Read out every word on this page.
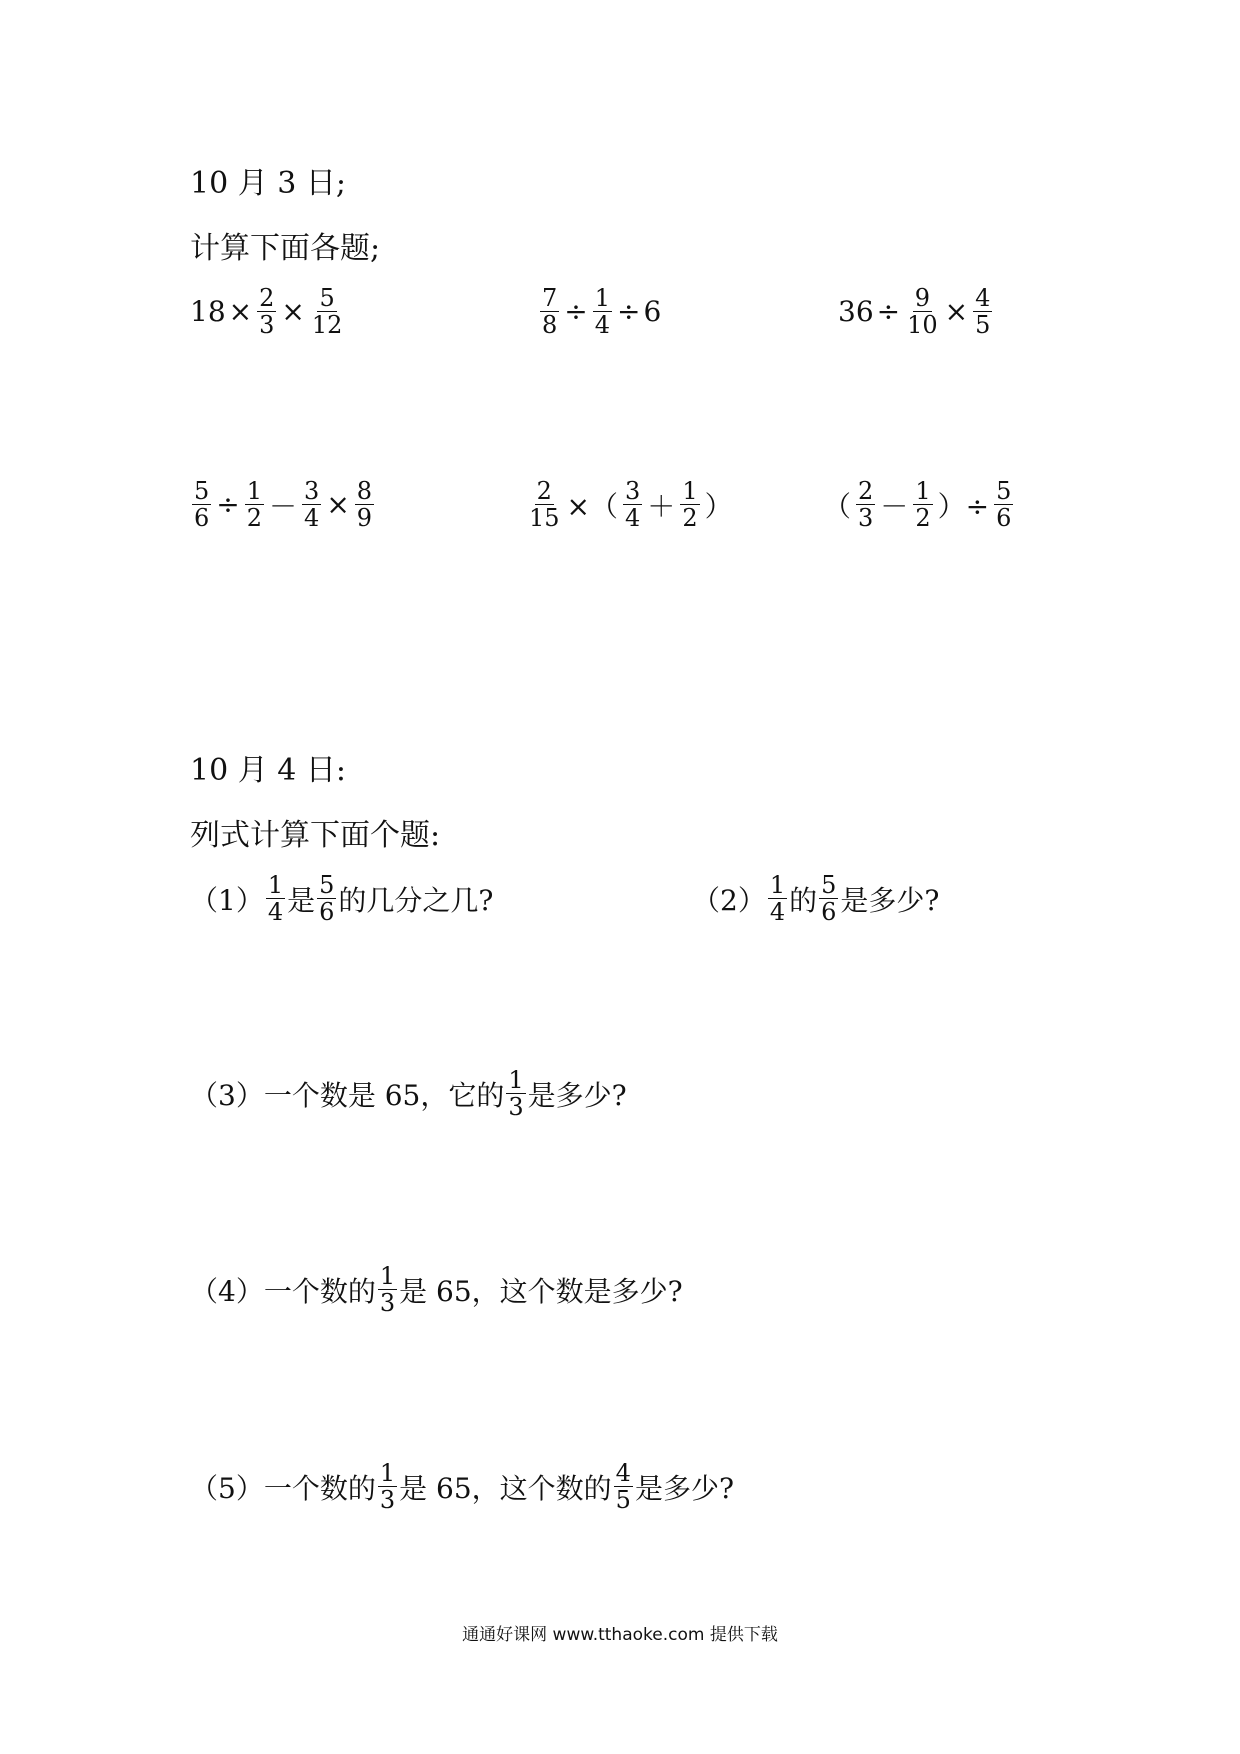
10 月 3 日;
计算下面各题;
$18 \times \frac{2}{3} \times \frac{5}{12}$	$\frac{7}{8} \div \frac{1}{4} \div 6$	$36 \div \frac{9}{10} \times \frac{4}{5}$
$\frac{5}{6} \div \frac{1}{2} - \frac{3}{4} \times \frac{8}{9}$	$\frac{2}{15}$ ×（ $\frac{3}{4} + \frac{1}{2}$ ）	（ $\frac{2}{3} - \frac{1}{2}$ ）÷ $\frac{5}{6}$
10 月 4 日:
列式计算下面个题:
$(1) \frac{1}{4}$ 是 $\frac{5}{6}$ 的几分之几?	$(2) \frac{1}{4}$ 的 $\frac{5}{6}$ 是多少?
（3） 一个数是 65，它的 $\frac{1}{3}$ 是多少?
（4） 一个数的 $\frac{1}{3}$ 是 65，这个数是多少?
（5） 一个数的 $\frac{1}{3}$ 是 65，这个数的 $\frac{4}{5}$ 是多少?
通通好课网 www.tthaoke.com 提供下载
